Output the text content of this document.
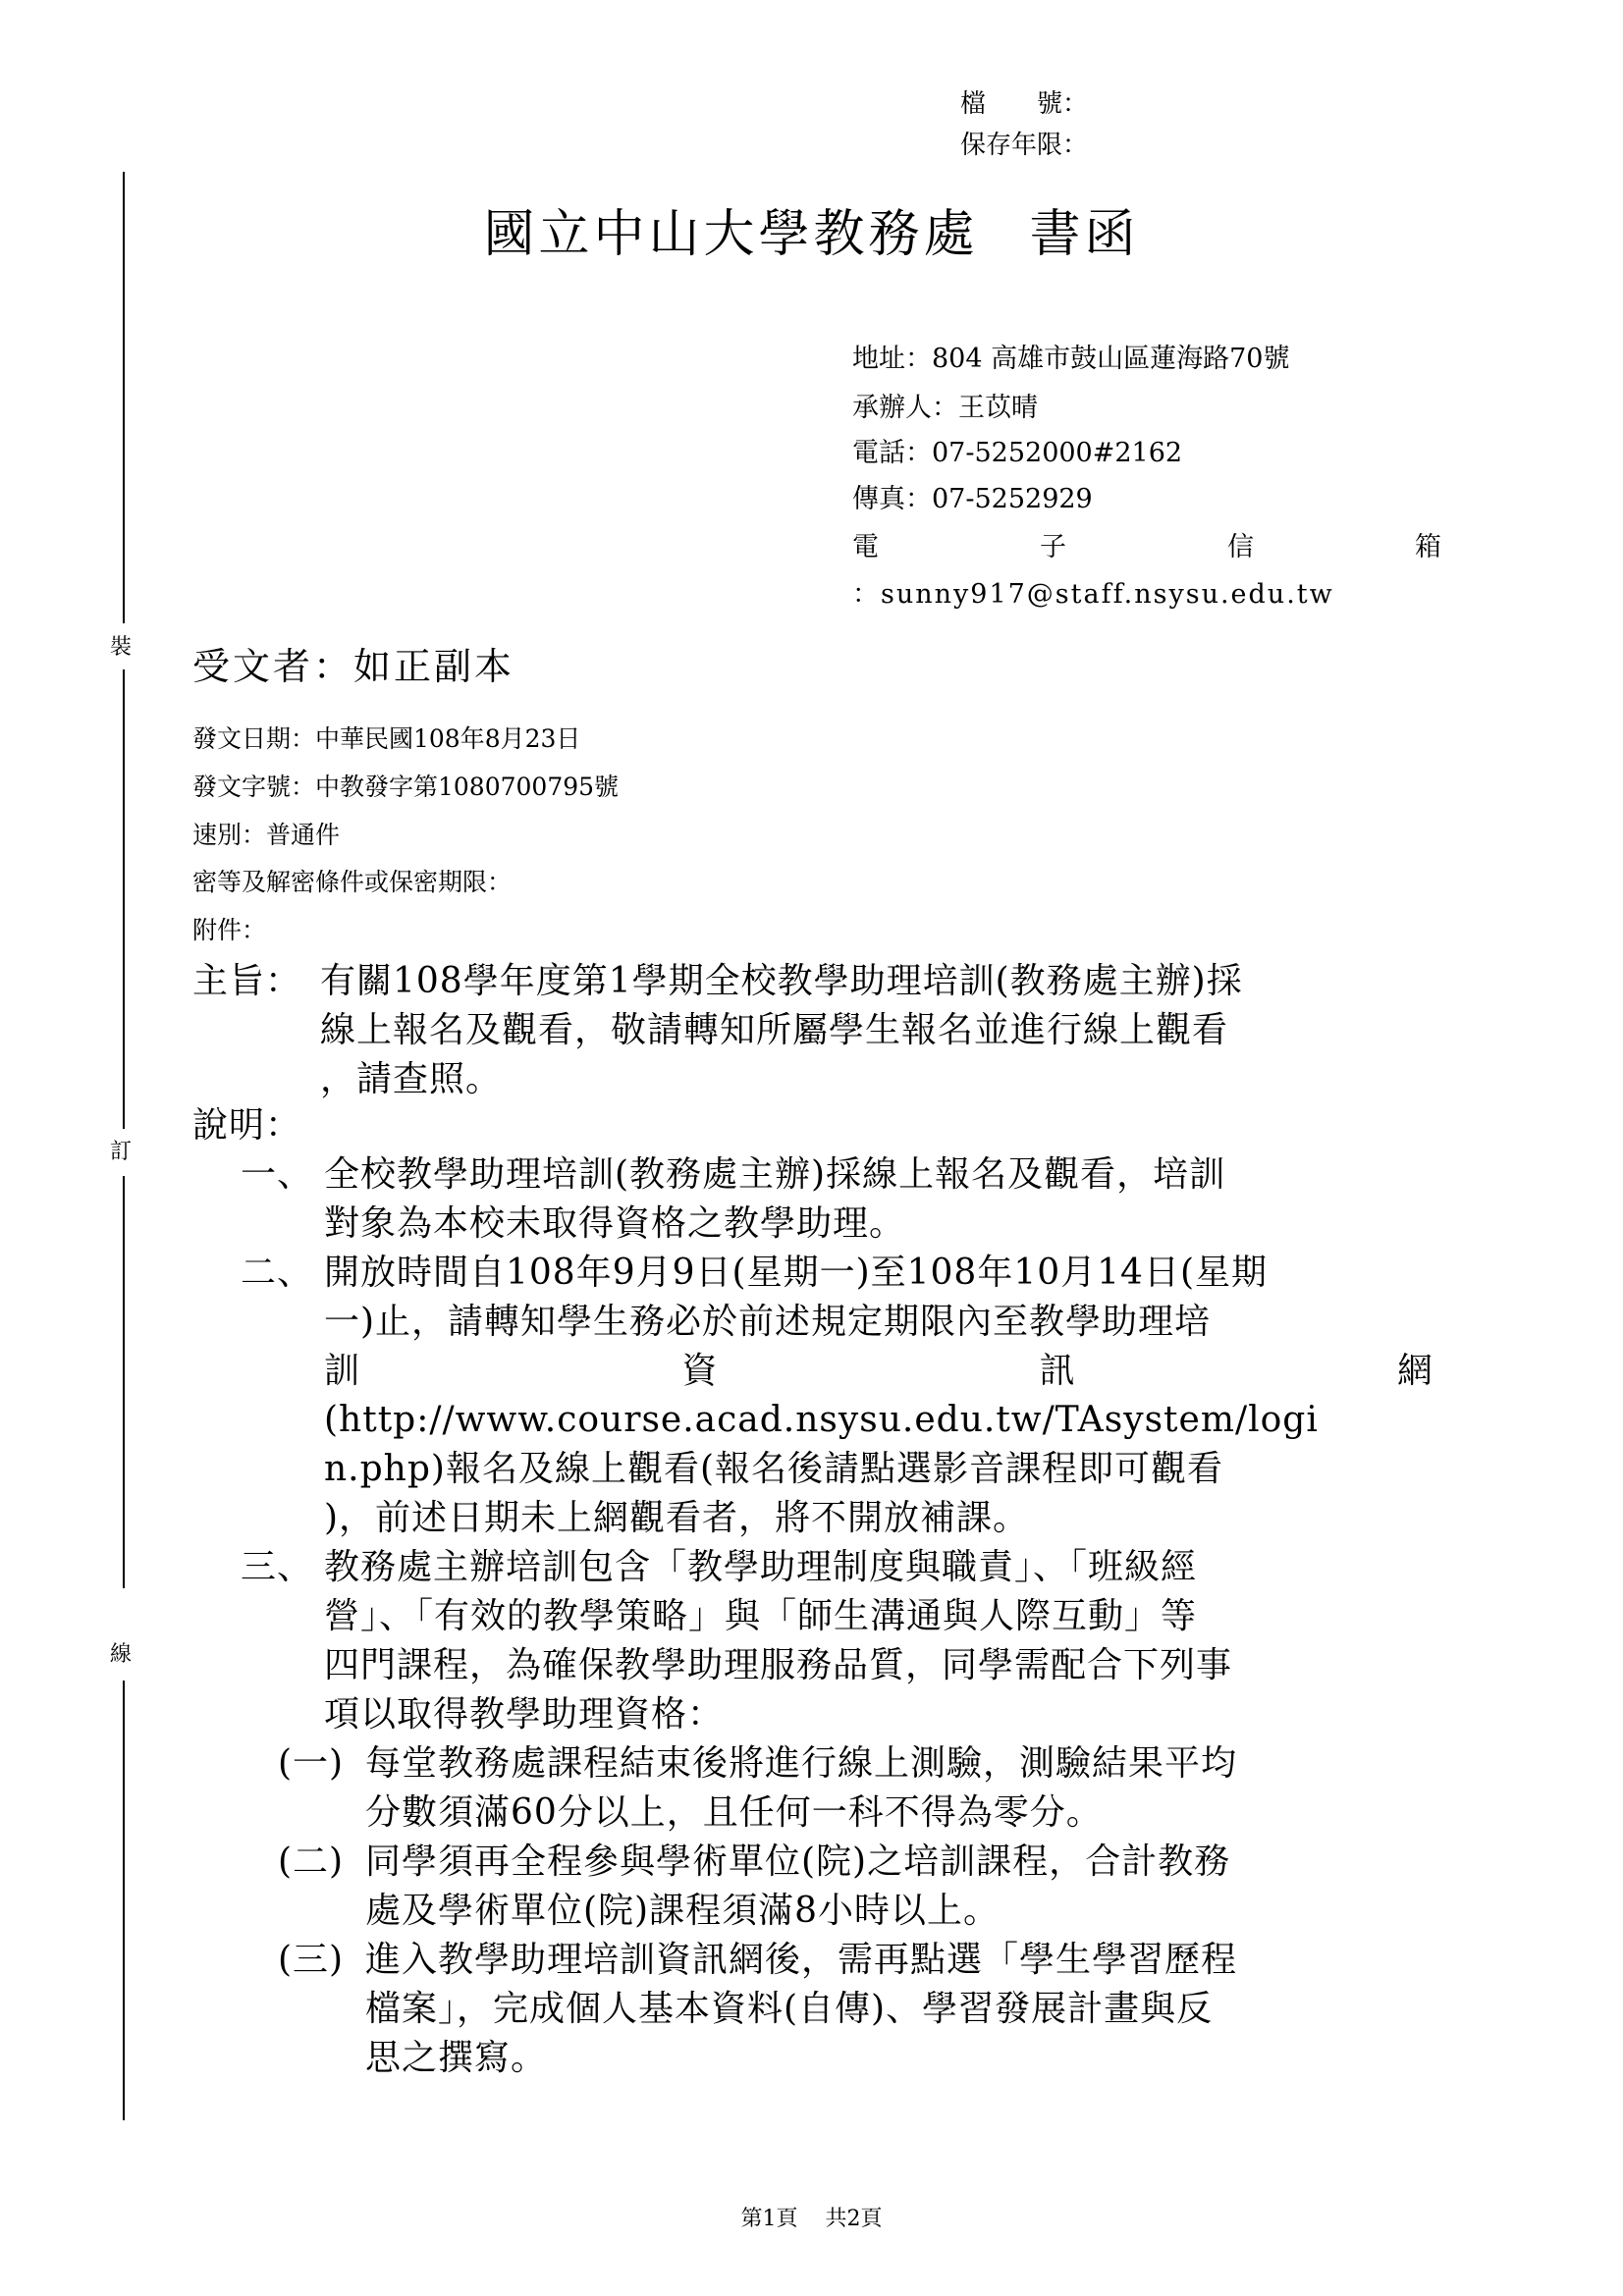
裝
訂
線
檔　　號：
保存年限：
國立中山大學教務處 書函
地址：804 高雄市鼓山區蓮海路70號
承辦人：王苡晴
電話：07-5252000#2162
傳真：07-5252929
電	子	信	箱
：sunny917@staff.nsysu.edu.tw
受文者：如正副本
發文日期：中華民國108年8月23日
發文字號：中教發字第1080700795號
速別：普通件
密等及解密條件或保密期限：
附件：
主旨： 有關108學年度第1學期全校教學助理培訓(教務處主辦)採
線上報名及觀看，敬請轉知所屬學生報名並進行線上觀看
，請查照。
說明：
一、 全校教學助理培訓(教務處主辦)採線上報名及觀看，培訓
對象為本校未取得資格之教學助理。
二、 開放時間自108年9月9日(星期一)至108年10月14日(星期
一)止，請轉知學生務必於前述規定期限內至教學助理培
訓	資	訊	網
(http://www.course.acad.nsysu.edu.tw/TAsystem/logi
n.php)報名及線上觀看(報名後請點選影音課程即可觀看
)，前述日期未上網觀看者，將不開放補課。
三、 教務處主辦培訓包含「教學助理制度與職責」、「班級經
營」、「有效的教學策略」與「師生溝通與人際互動」等
四門課程，為確保教學助理服務品質，同學需配合下列事
項以取得教學助理資格：
(一) 每堂教務處課程結束後將進行線上測驗，測驗結果平均
分數須滿60分以上，且任何一科不得為零分。
(二) 同學須再全程參與學術單位(院)之培訓課程，合計教務
處及學術單位(院)課程須滿8小時以上。
(三) 進入教學助理培訓資訊網後，需再點選「學生學習歷程
檔案」，完成個人基本資料(自傳)、學習發展計畫與反
思之撰寫。
第1頁 共2頁
